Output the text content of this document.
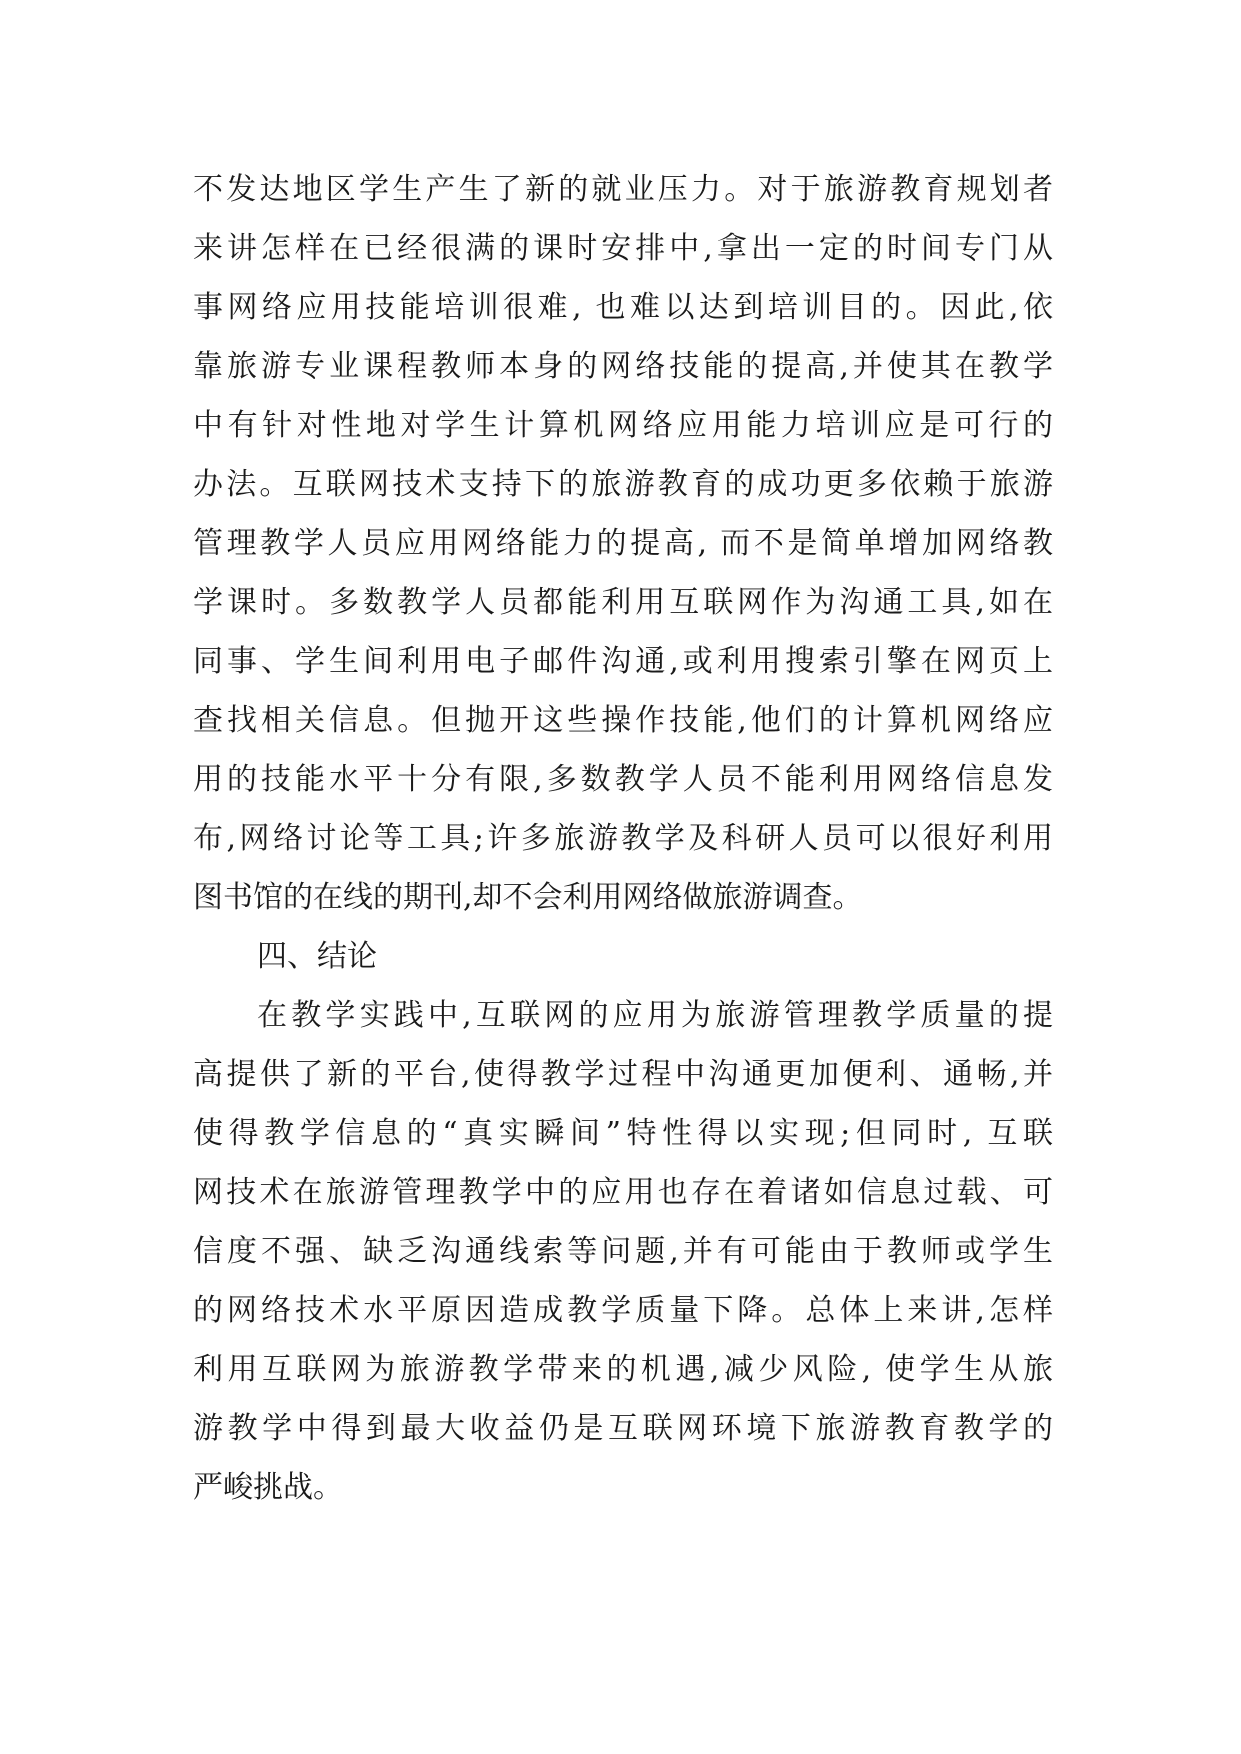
不发达地区学生产生了新的就业压力。对于旅游教育规划者
来讲怎样在已经很满的课时安排中,拿出一定的时间专门从
事网络应用技能培训很难, 也难以达到培训目的。因此,依
靠旅游专业课程教师本身的网络技能的提高,并使其在教学
中有针对性地对学生计算机网络应用能力培训应是可行的
办法。互联网技术支持下的旅游教育的成功更多依赖于旅游
管理教学人员应用网络能力的提高, 而不是简单增加网络教
学课时。多数教学人员都能利用互联网作为沟通工具,如在
同事、学生间利用电子邮件沟通,或利用搜索引擎在网页上
查找相关信息。但抛开这些操作技能,他们的计算机网络应
用的技能水平十分有限,多数教学人员不能利用网络信息发
布,网络讨论等工具;许多旅游教学及科研人员可以很好利用
图书馆的在线的期刊,却不会利用网络做旅游调查。
四、结论
在教学实践中,互联网的应用为旅游管理教学质量的提
高提供了新的平台,使得教学过程中沟通更加便利、通畅,并
使得教学信息的“真实瞬间”特性得以实现;但同时, 互联
网技术在旅游管理教学中的应用也存在着诸如信息过载、可
信度不强、缺乏沟通线索等问题,并有可能由于教师或学生
的网络技术水平原因造成教学质量下降。总体上来讲,怎样
利用互联网为旅游教学带来的机遇,减少风险, 使学生从旅
游教学中得到最大收益仍是互联网环境下旅游教育教学的
严峻挑战。
